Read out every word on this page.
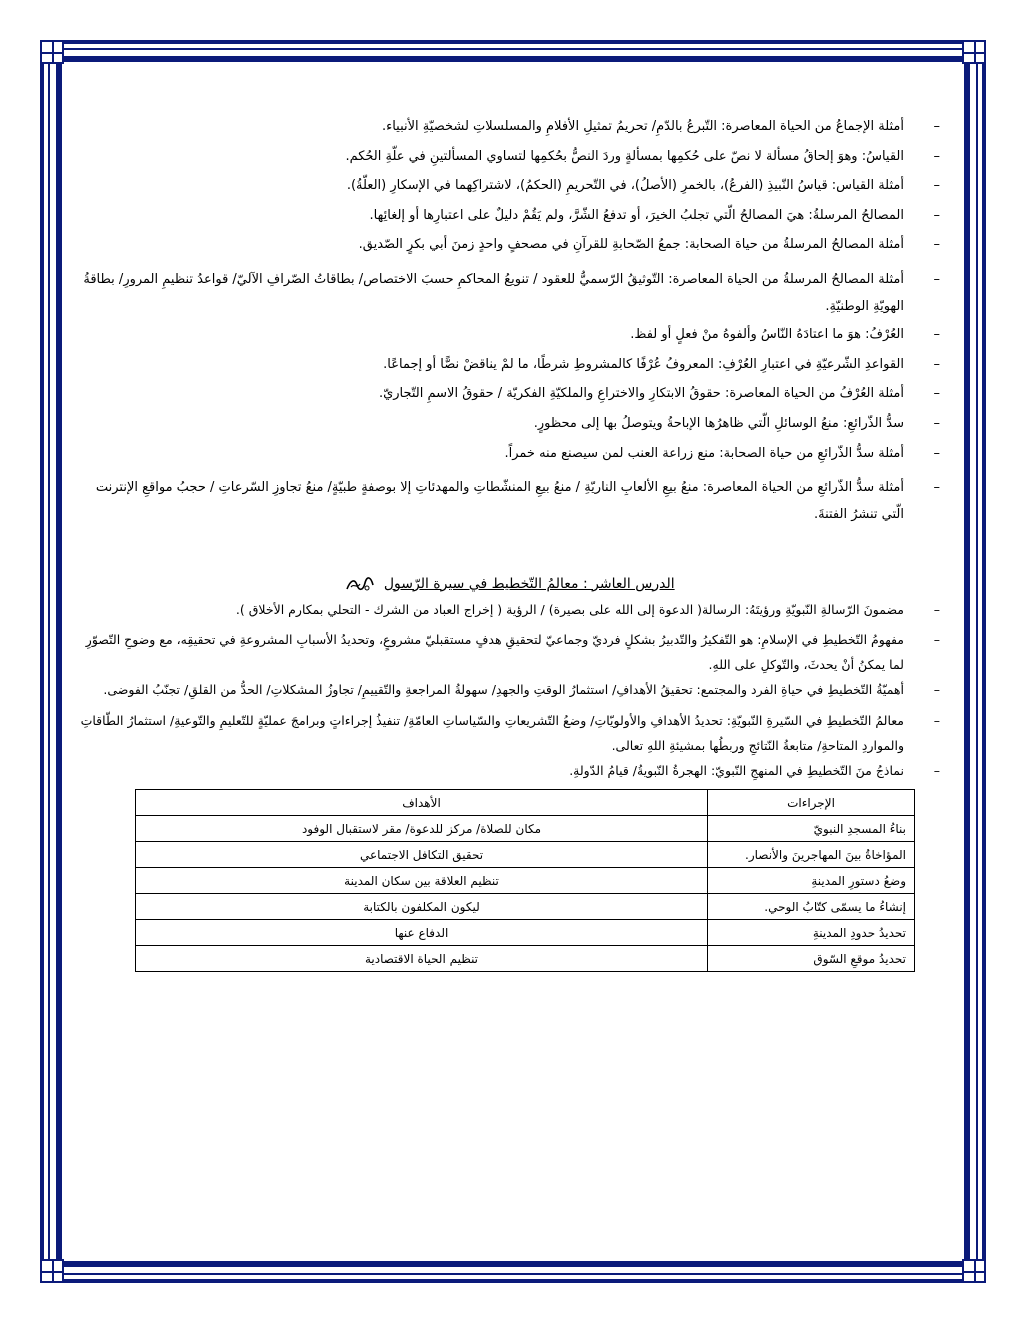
– أمثلة الإجماعُ من الحياة المعاصرة: التّبرعُ بالدّمِ/ تحريمُ تمثيلِ الأفلامِ والمسلسلاتِ لشخصيّةِ الأنبياء.
– القياسُ: وهوَ إلحاقُ مسألة لا نصّ على حُكمِها بمسألةٍ وردَ النصُّ بحُكمِها لتساوي المسألتينِ في علّةِ الحُكم.
– أمثلة القياس: قياسُ النّبيذِ (الفرعُ)، بالخمرِ (الأصلُ)، في التّحريمِ (الحكمُ)، لاشتراكِهما في الإسكارِ (العلّةُ).
– المصالحُ المرسلةُ: هيَ المصالحُ الّتي تجلبُ الخيرَ، أو تدفعُ الشّرَّ، ولم يَقُمْ دليلٌ على اعتبارِها أو إلغائِها.
– أمثلة المصالحُ المرسلةُ من حياة الصحابة: جمعُ الصّحابةِ للقرآنِ في مصحفٍ واحدٍ زمنَ أبي بكرٍ الصّديق.
– أمثلة المصالحُ المرسلةُ من الحياة المعاصرة: التّوثيقُ الرّسميُّ للعقود / تنويعُ المحاكمِ حسبَ الاختصاص/ بطاقاتُ الصّرافِ الآليّ/ قواعدُ تنظيمِ المرورِ/ بطاقةُ الهويّةِ الوطنيّةِ.
– العُرْفُ: هوَ ما اعتادَهُ النّاسُ وألفوهُ منْ فعلٍ أو لفظ.
– القواعدِ الشّرعيّةِ في اعتبارِ العُرْفِ: المعروفُ عُرْفًا كالمشروطِ شرطًا، ما لمْ يناقضْ نصًّا أو إجماعًا.
– أمثلة العُرْفُ من الحياة المعاصرة: حقوقُ الابتكارِ والاختراعِ والملكيّةِ الفكريّة / حقوقُ الاسمِ التّجاريّ.
– سدُّ الذّرائعِ: منعُ الوسائلِ الّتي ظاهرُها الإباحةُ ويتوصلُ بها إلى محظورٍ.
– أمثلة سدُّ الذّرائعِ من حياة الصحابة: منع زراعة العنب لمن سيصنع منه خمراً.
– أمثلة سدُّ الذّرائعِ من الحياة المعاصرة: منعُ بيعِ الألعابِ الناريّةِ / منعُ بيعِ المنشّطاتِ والمهدئاتِ إلا بوصفةٍ طبيّةٍ/ منعُ تجاوزِ السّرعاتِ / حجبُ مواقعِ الإنترنت الّتي تنشرُ الفتنةَ.
الدرس العاشر : معالمُ التّخطيط في سيرة الرّسول
– مضمونَ الرّسالةِ النّبويّةِ ورؤيتَهُ: الرسالة( الدعوة إلى الله على بصيرة) / الرؤية ( إخراج العباد من الشرك - التحلي بمكارم الأخلاق ).
– مفهومُ التّخطيطِ في الإسلامِ: هو التّفكيرُ والتّدبيرُ بشكلٍ فرديّ وجماعيّ لتحقيقِ هدفٍ مستقبليّ مشروعٍ، وتحديدُ الأسبابِ المشروعةِ في تحقيقِه، مع وضوحِ التّصوّرِ لما يمكنُ أنْ يحدثَ، والتّوكلِ على اللهِ.
– أهميّةُ التّخطيطِ في حياةِ الفرد والمجتمع: تحقيقُ الأهدافِ/ استثمارُ الوقتِ والجهدِ/ سهولةُ المراجعةِ والتّقييمِ/ تجاوزُ المشكلاتِ/ الحدُّ من القلقِ/ تجنّبُ الفوضى.
– معالمُ التّخطيطِ في السّيرةِ النّبويّةِ: تحديدُ الأهدافِ والأولويّاتِ/ وضعُ التّشريعاتِ والسّياساتِ العامّةِ/ تنفيذُ إجراءاتٍ وبرامجَ عمليّةٍ للتّعليمِ والتّوعيةِ/ استثمارُ الطّاقاتِ والمواردِ المتاحةِ/ متابعةُ النّتائجِ وربطُها بمشيئةِ اللهِ تعالى.
– نماذجُ منَ التّخطيطِ في المنهجِ النّبويّ: الهجرةُ النّبويةُ/ قيامُ الدّولةِ.
الإجراءات	الأهداف
بناءُ المسجدِ النبويّ	مكان للصلاة/ مركز للدعوة/ مقر لاستقبال الوفود
المؤاخاةُ بينَ المهاجرينَ والأنصار.	تحقيق التكافل الاجتماعي
وضعُ دستورِ المدينةِ	تنظيم العلاقة بين سكان المدينة
إنشاءُ ما يسمّى كتّابُ الوحي.	ليكون المكلفون بالكتابة
تحديدُ حدودِ المدينةِ	الدفاع عنها
تحديدُ موقعِ السّوق	تنظيم الحياة الاقتصادية
